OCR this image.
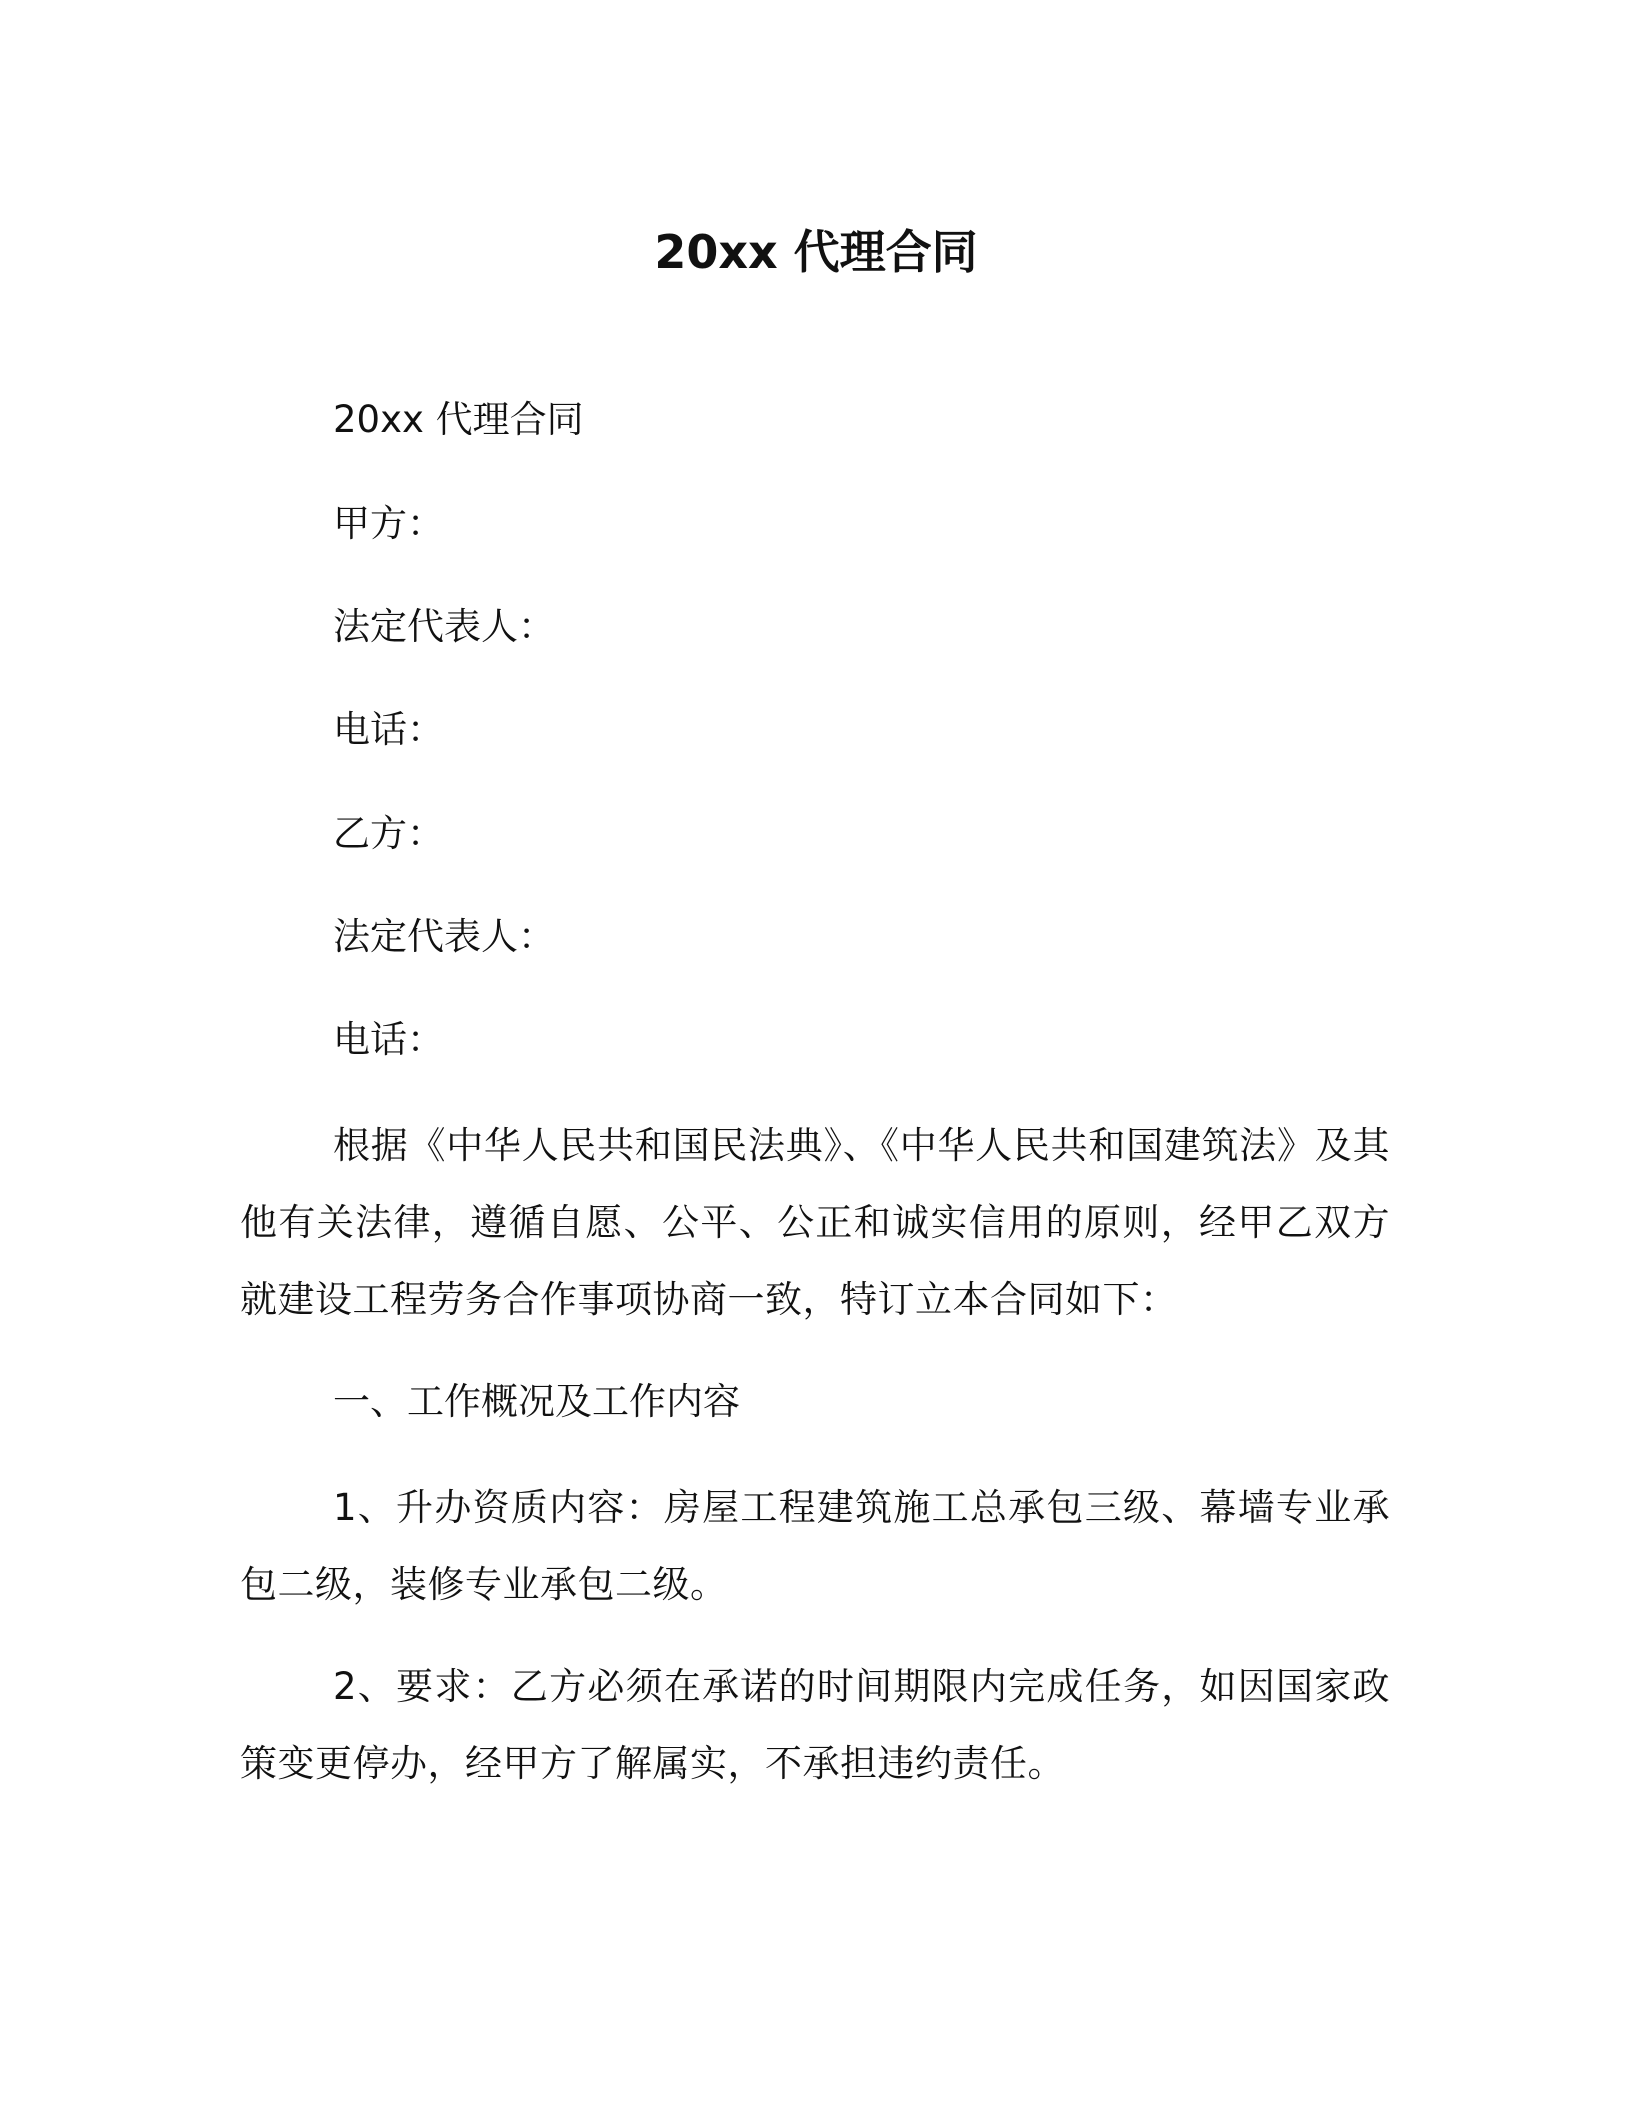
20xx 代理合同

20xx 代理合同

甲方：

法定代表人：

电话：

乙方：

法定代表人：

电话：

根据《中华人民共和国民法典》、《中华人民共和国建筑法》及其他有关法律，遵循自愿、公平、公正和诚实信用的原则，经甲乙双方就建设工程劳务合作事项协商一致，特订立本合同如下：

一、工作概况及工作内容

1、升办资质内容：房屋工程建筑施工总承包三级、幕墙专业承包二级，装修专业承包二级。

2、要求：乙方必须在承诺的时间期限内完成任务，如因国家政策变更停办，经甲方了解属实，不承担违约责任。
